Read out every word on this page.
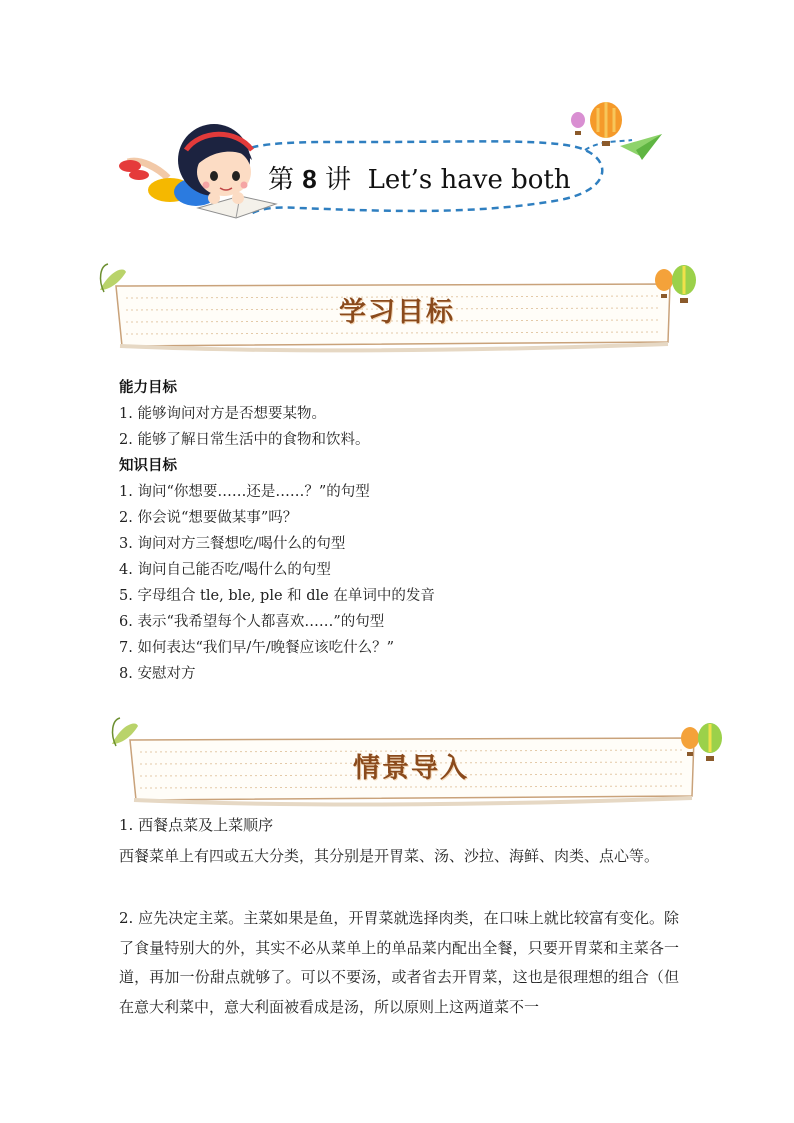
第 8 讲 Let’s have both
学习目标
能力目标
1. 能够询问对方是否想要某物。
2. 能够了解日常生活中的食物和饮料。
知识目标
1. 询问“你想要……还是……？”的句型
2. 你会说“想要做某事”吗？
3. 询问对方三餐想吃/喝什么的句型
4. 询问自己能否吃/喝什么的句型
5. 字母组合 tle, ble, ple 和 dle 在单词中的发音
6. 表示“我希望每个人都喜欢……”的句型
7. 如何表达“我们早/午/晚餐应该吃什么？”
8. 安慰对方
情景导入
1. 西餐点菜及上菜顺序
西餐菜单上有四或五大分类，其分别是开胃菜、汤、沙拉、海鲜、肉类、点心等。
2. 应先决定主菜。主菜如果是鱼，开胃菜就选择肉类，在口味上就比较富有变化。除了食量特别大的外，其实不必从菜单上的单品菜内配出全餐，只要开胃菜和主菜各一道，再加一份甜点就够了。可以不要汤，或者省去开胃菜，这也是很理想的组合（但在意大利菜中，意大利面被看成是汤，所以原则上这两道菜不一
